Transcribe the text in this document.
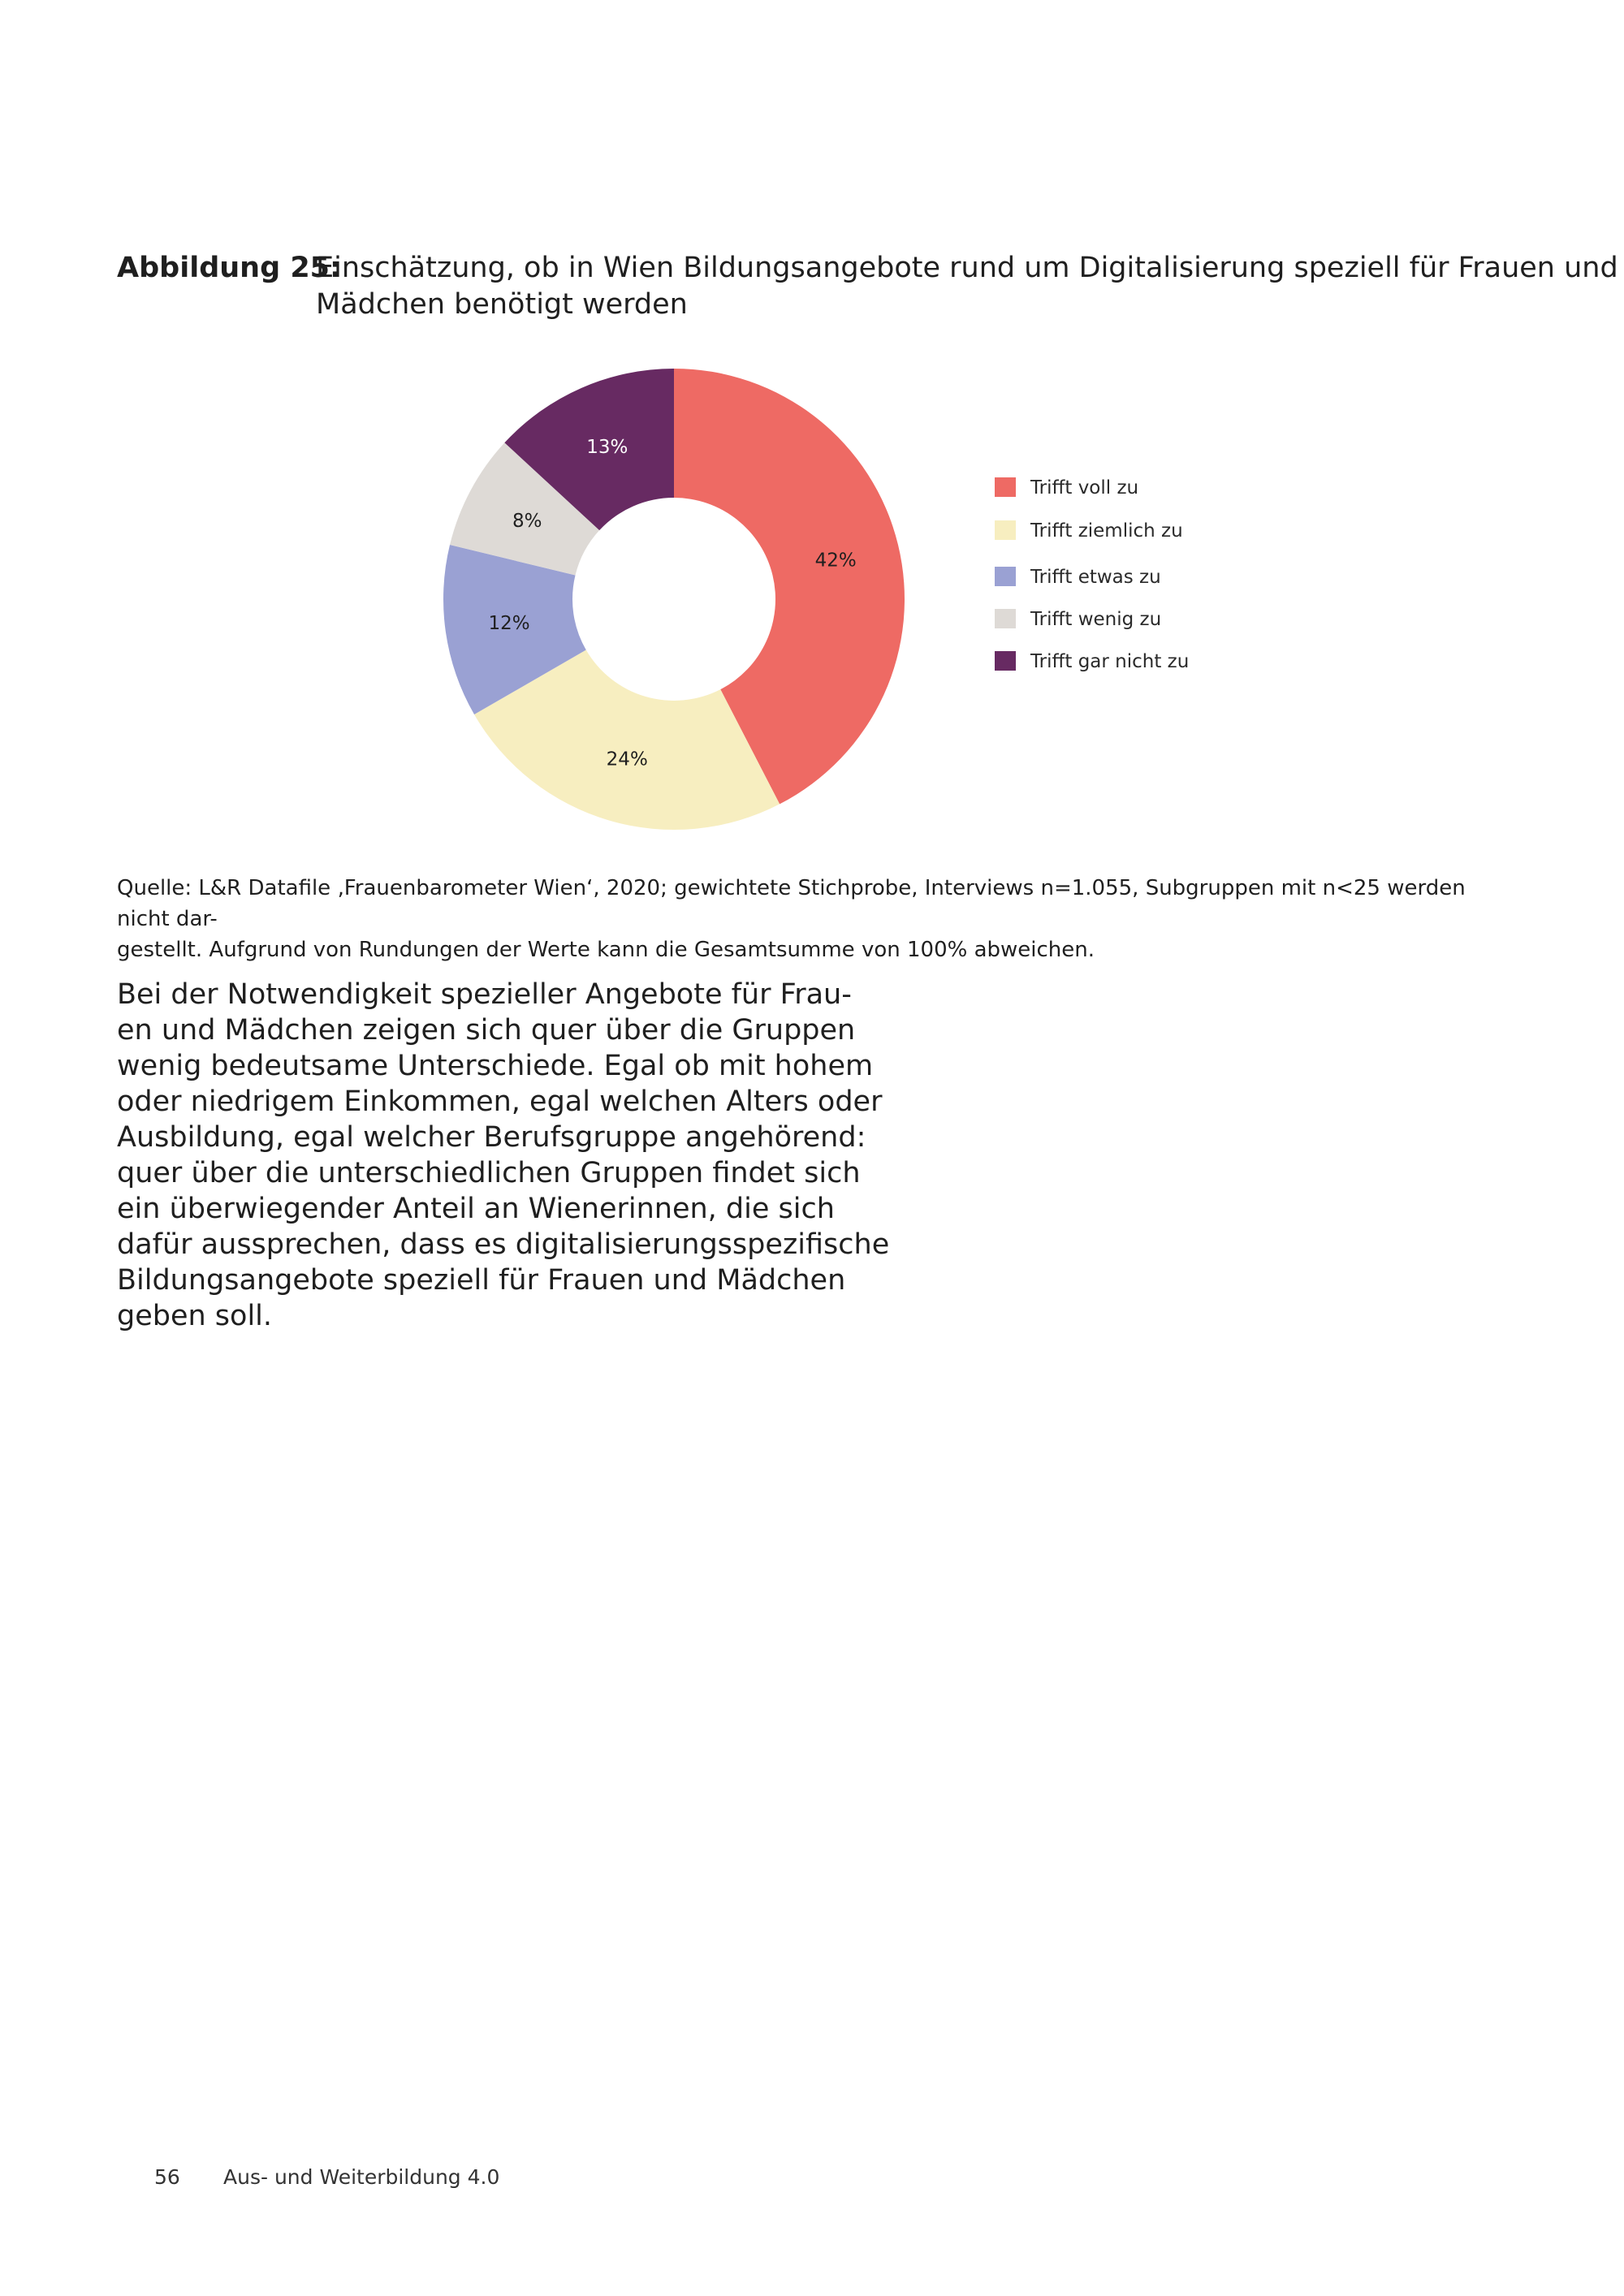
Abbildung 25:
Einschätzung, ob in Wien Bildungsangebote rund um Digitalisierung speziell für Frauen und Mädchen benötigt werden
42%
24%
12%
8%
13%
Trifft voll zu
Trifft ziemlich zu
Trifft etwas zu
Trifft wenig zu
Trifft gar nicht zu
Quelle: L&R Datafile ‚Frauenbarometer Wien‘, 2020; gewichtete Stichprobe, Interviews n=1.055, Subgruppen mit n<25 werden nicht dar-
gestellt. Aufgrund von Rundungen der Werte kann die Gesamtsumme von 100% abweichen.
Bei der Notwendigkeit spezieller Angebote für Frau-
en und Mädchen zeigen sich quer über die Gruppen
wenig bedeutsame Unterschiede. Egal ob mit hohem
oder niedrigem Einkommen, egal welchen Alters oder
Ausbildung, egal welcher Berufsgruppe angehörend:
quer über die unterschiedlichen Gruppen findet sich
ein überwiegender Anteil an Wienerinnen, die sich
dafür aussprechen, dass es digitalisierungsspezifische
Bildungsangebote speziell für Frauen und Mädchen
geben soll.
56 Aus- und Weiterbildung 4.0
